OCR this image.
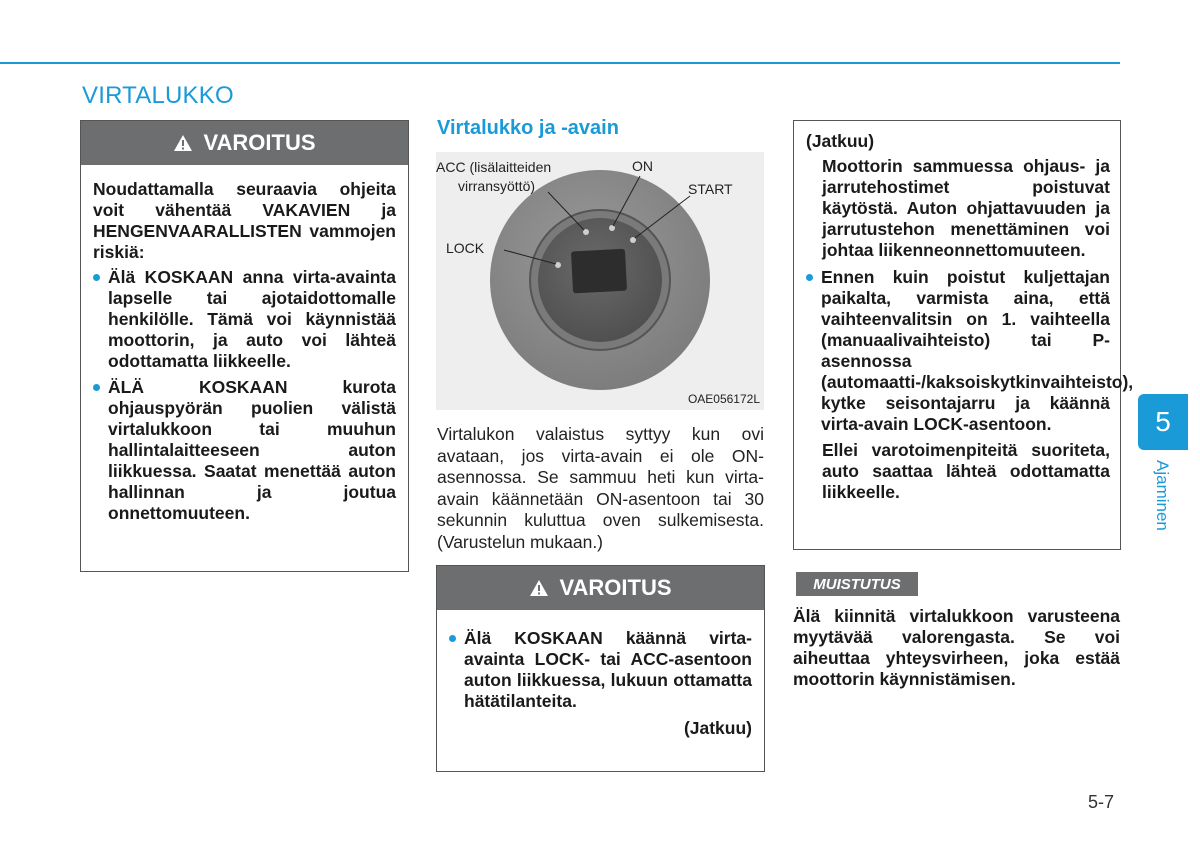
VIRTALUKKO
VAROITUS

Noudattamalla seuraavia ohjeita voit vähentää VAKAVIEN ja HENGENVAARALLISTEN vammojen riskiä:

Älä KOSKAAN anna virta-avainta lapselle tai ajotaidottomalle henkilölle. Tämä voi käynnistää moottorin, ja auto voi lähteä odottamatta liikkeelle.
ÄLÄ KOSKAAN kurota ohjauspyörän puolien välistä virtalukkoon tai muuhun hallintalaitteeseen auton liikkuessa. Saatat menettää auton hallinnan ja joutua onnettomuuteen.
Virtalukko ja -avain
ACC (lisälaitteiden
virransyöttö)
ON
START
LOCK
OAE056172L

Virtalukon valaistus syttyy kun ovi avataan, jos virta-avain ei ole ON-asennossa. Se sammuu heti kun virta-avain käännetään ON-asentoon tai 30 sekunnin kuluttua oven sulkemisesta. (Varustelun mukaan.)

VAROITUS
Älä KOSKAAN käännä virta-avainta LOCK- tai ACC-asentoon auton liikkuessa, lukuun ottamatta hätätilanteita.
(Jatkuu)

(Jatkuu)

Moottorin sammuessa ohjaus- ja jarrutehostimet poistuvat käytöstä. Auton ohjattavuuden ja jarrutustehon menettäminen voi johtaa liikenneonnettomuuteen.

Ennen kuin poistut kuljettajan paikalta, varmista aina, että vaihteenvalitsin on 1. vaihteella (manuaalivaihteisto) tai P-asennossa (automaatti-/kaksoiskytkinvaihteisto), kytke seisontajarru ja käännä virta-avain LOCK-asentoon.

Ellei varotoimenpiteitä suoriteta, auto saattaa lähteä odottamatta liikkeelle.

MUISTUTUS

Älä kiinnitä virtalukkoon varusteena myytävää valorengasta. Se voi aiheuttaa yhteysvirheen, joka estää moottorin käynnistämisen.

5
Ajaminen
5-7
